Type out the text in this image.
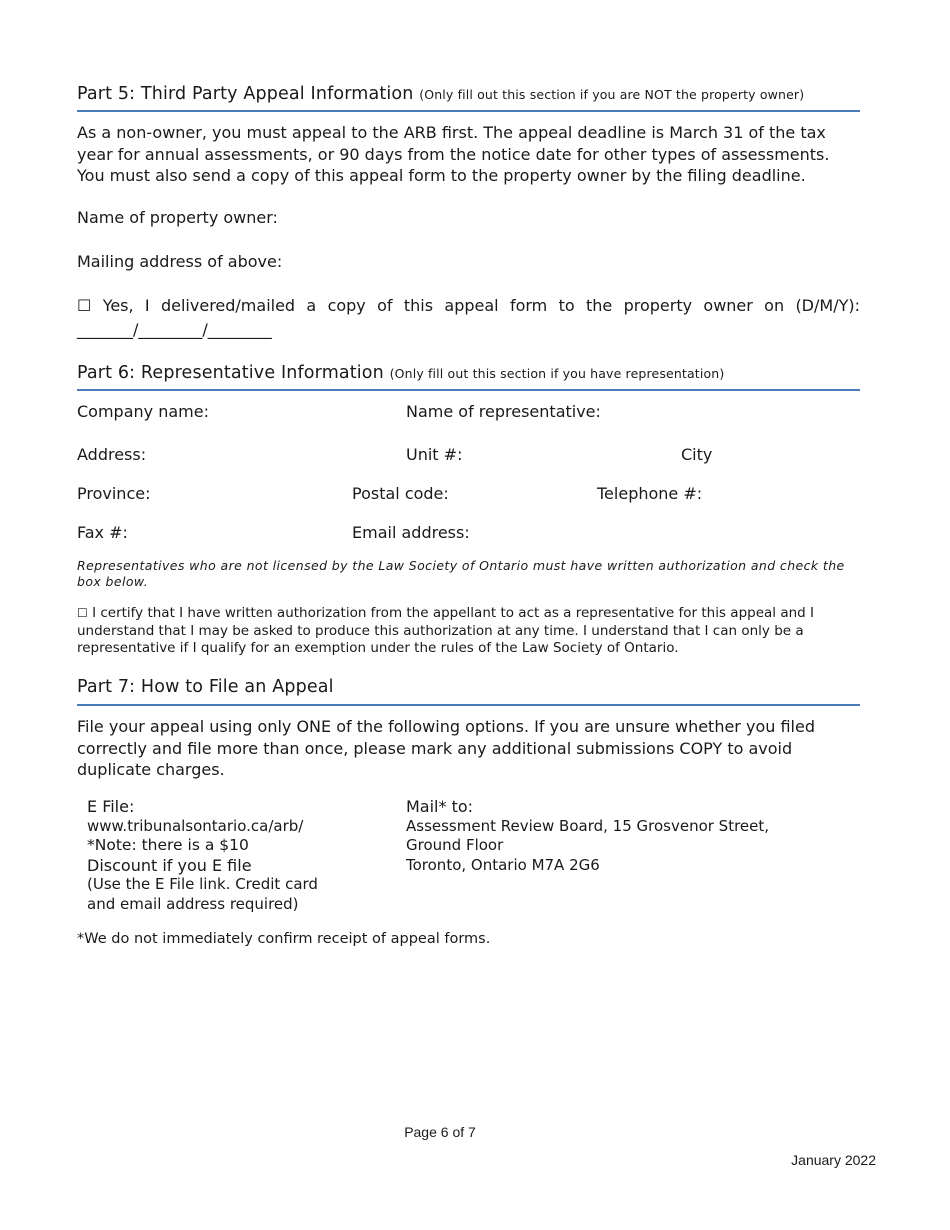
Part 5: Third Party Appeal Information (Only fill out this section if you are NOT the property owner)
As a non-owner, you must appeal to the ARB first. The appeal deadline is March 31 of the tax year for annual assessments, or 90 days from the notice date for other types of assessments. You must also send a copy of this appeal form to the property owner by the filing deadline.
Name of property owner:
Mailing address of above:
☐ Yes, I delivered/mailed a copy of this appeal form to the property owner on (D/M/Y):
_______/________/________
Part 6: Representative Information (Only fill out this section if you have representation)
Company name:	Name of representative:
Address:	Unit #:	City
Province:	Postal code:	Telephone #:
Fax #:	Email address:
Representatives who are not licensed by the Law Society of Ontario must have written authorization and check the box below.
☐ I certify that I have written authorization from the appellant to act as a representative for this appeal and I understand that I may be asked to produce this authorization at any time. I understand that I can only be a representative if I qualify for an exemption under the rules of the Law Society of Ontario.
Part 7: How to File an Appeal
File your appeal using only ONE of the following options. If you are unsure whether you filed correctly and file more than once, please mark any additional submissions COPY to avoid duplicate charges.
E File:
www.tribunalsontario.ca/arb/
*Note: there is a $10
Discount if you E file
(Use the E File link. Credit card
and email address required)
Mail* to:
Assessment Review Board, 15 Grosvenor Street,
Ground Floor
Toronto, Ontario M7A 2G6
*We do not immediately confirm receipt of appeal forms.
Page 6 of 7
January 2022
